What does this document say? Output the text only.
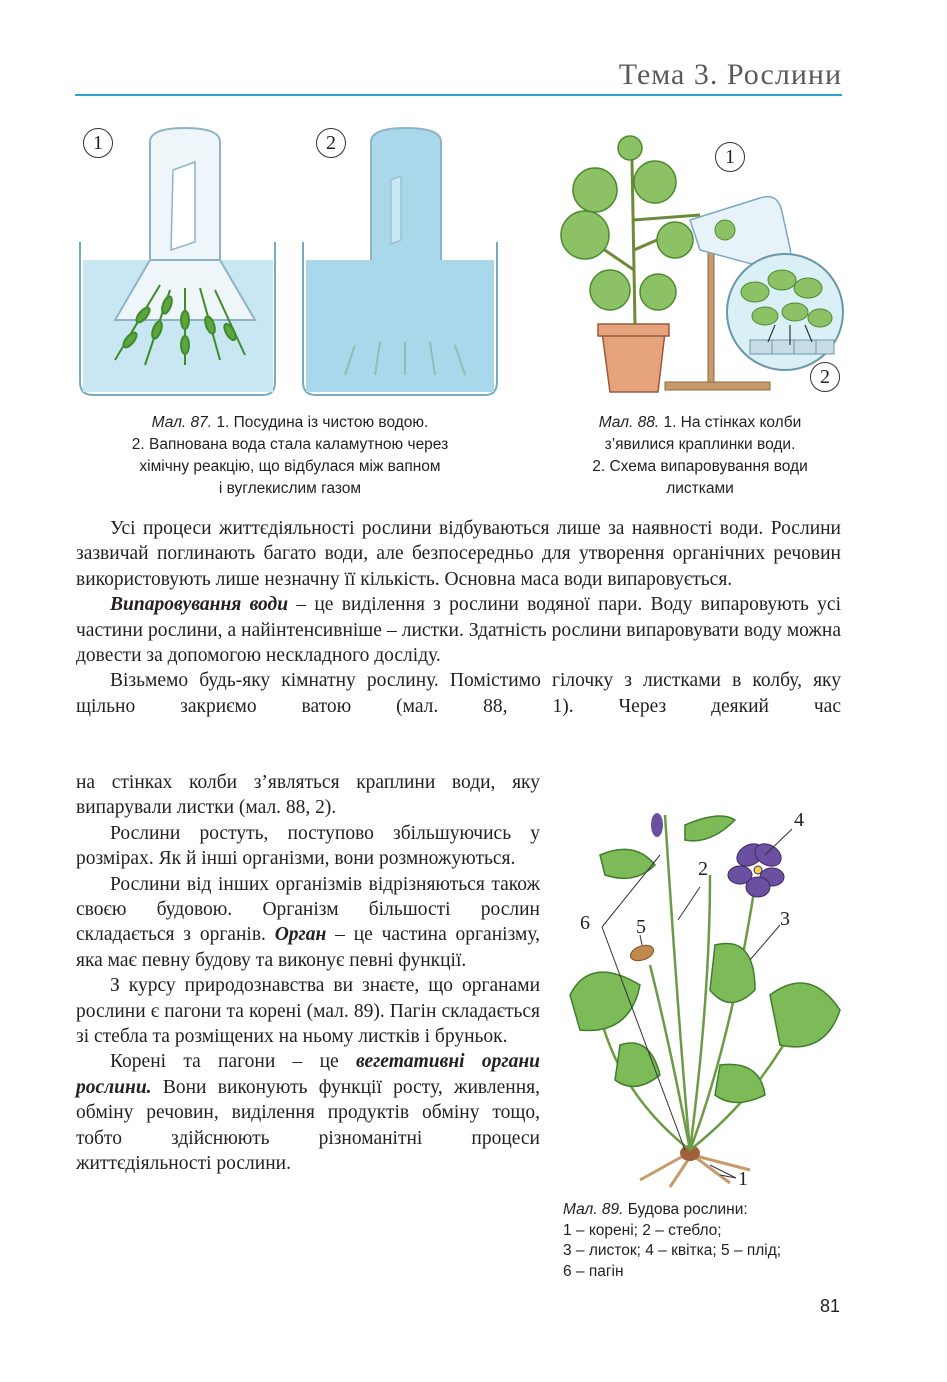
Тема 3. Рослини
1	2
Мал. 87. 1. Посудина із чистою водою.
2. Вапнована вода стала каламутною через
хімічну реакцію, що відбулася між вапном
і вуглекислим газом
1
2
Мал. 88. 1. На стінках колби
з’явилися краплинки води.
2. Схема випаровування води
листками

Усі процеси життєдіяльності рослини відбуваються лише за наявності води. Рослини зазвичай поглинають багато води, але безпосередньо для утворення органічних речовин використовують лише незначну її кількість. Основна маса води випаровується.

Випаровування води – це виділення з рослини водяної пари. Воду випаровують усі частини рослини, а найінтенсивніше – листки. Здатність рослини випаровувати воду можна довести за допомогою нескладного досліду.

Візьмемо будь-яку кімнатну рослину. Помістимо гілочку з листками в колбу, яку щільно закриємо ватою (мал. 88, 1). Через деякий час

на стінках колби з’являться краплини води, яку випарували листки (мал. 88, 2).

Рослини ростуть, поступово збільшуючись у розмірах. Як й інші організми, вони розмножуються.

Рослини від інших організмів відрізняються також своєю будовою. Організм більшості рослин складається з органів. Орган – це частина організму, яка має певну будову та виконує певні функції.

З курсу природознавства ви знаєте, що органами рослини є пагони та корені (мал. 89). Пагін складається зі стебла та розміщених на ньому листків і бруньок.

Корені та пагони – це вегетативні органи рослини. Вони виконують функції росту, живлення, обміну речовин, виділення продуктів обміну тощо, тобто здійснюють різноманітні процеси життєдіяльності рослини.

1
2
3
4
5
6
Мал. 89. Будова рослини:
1 – корені; 2 – стебло;
3 – листок; 4 – квітка; 5 – плід;
6 – пагін
81
